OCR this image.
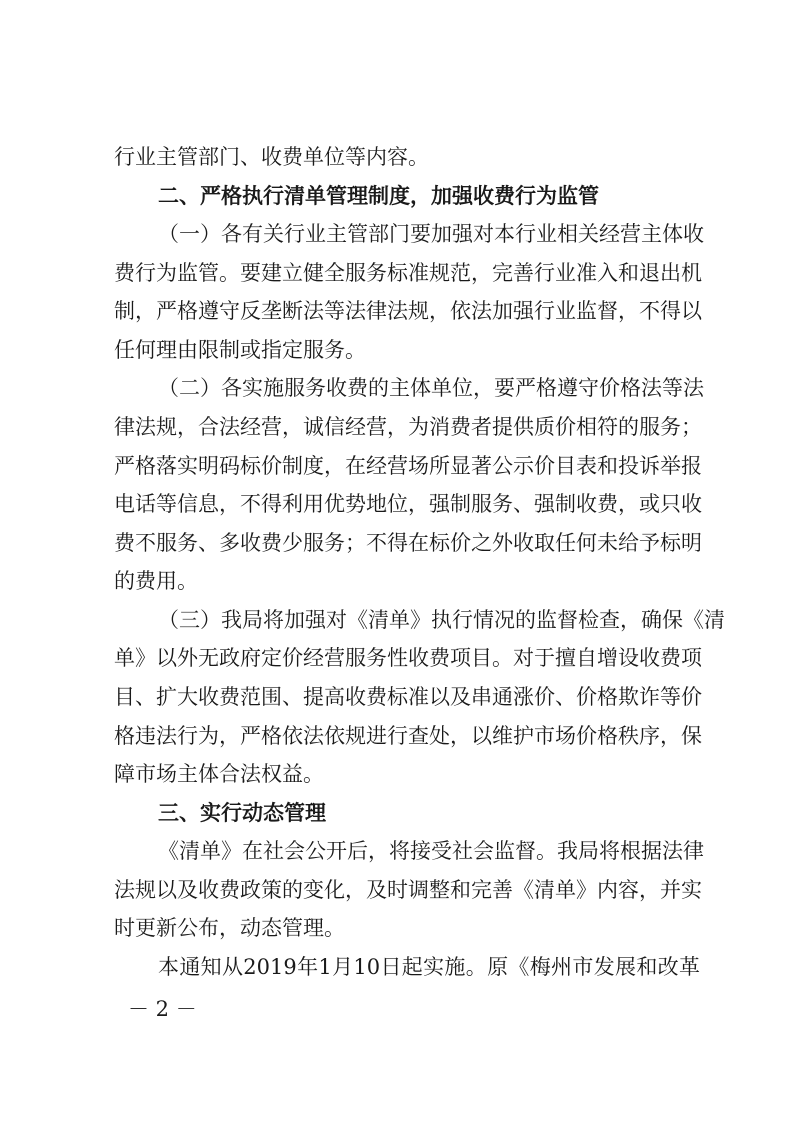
行业主管部门、收费单位等内容。
二、严格执行清单管理制度，加强收费行为监管
（一）各有关行业主管部门要加强对本行业相关经营主体收
费行为监管。要建立健全服务标准规范，完善行业准入和退出机
制，严格遵守反垄断法等法律法规，依法加强行业监督，不得以
任何理由限制或指定服务。
（二）各实施服务收费的主体单位，要严格遵守价格法等法
律法规，合法经营，诚信经营，为消费者提供质价相符的服务；
严格落实明码标价制度，在经营场所显著公示价目表和投诉举报
电话等信息，不得利用优势地位，强制服务、强制收费，或只收
费不服务、多收费少服务；不得在标价之外收取任何未给予标明
的费用。
（三）我局将加强对《清单》执行情况的监督检查，确保《清
单》以外无政府定价经营服务性收费项目。对于擅自增设收费项
目、扩大收费范围、提高收费标准以及串通涨价、价格欺诈等价
格违法行为，严格依法依规进行查处，以维护市场价格秩序，保
障市场主体合法权益。
三、实行动态管理
《清单》在社会公开后，将接受社会监督。我局将根据法律
法规以及收费政策的变化，及时调整和完善《清单》内容，并实
时更新公布，动态管理。
本通知从2019年1月10日起实施。原《梅州市发展和改革
－ 2 －
